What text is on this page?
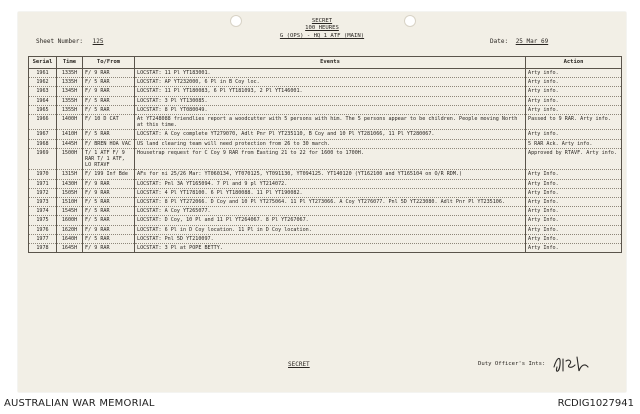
SECRET
100 HEURES
G (OPS) - HQ 1 ATF (MAIN)
Sheet Number: 125	Date: 25 Mar 69
Serial	Time	To/From	Events	Action
1961	1335H	F/ 9 RAR	LOCSTAT: 11 Pl YT183001.	Arty info.
1962	1335H	F/ 5 RAR	LOCSTAT: AP YT232000, 6 Pl in B Coy loc.	Arty info.
1963	1345H	F/ 9 RAR	LOCSTAT: 11 Pl YT180083, 6 Pl YT181093, 2 Pl YT146001.	Arty info.
1964	1355H	F/ 5 RAR	LOCSTAT: 3 Pl YT130085.	Arty info.
1965	1355H	F/ 5 RAR	LOCSTAT: 8 Pl YT080049.	Arty info.
1966	1400H	F/ 10 D CAT	At YT248088 friendlies report a woodcutter with 5 persons with him. The 5 persons appear to be children. People moving North at this time.	Passed to 9 RAR. Arty info.
1967	1410H	F/ 5 RAR	LOCSTAT: A Coy complete YT279070, Adlt Pnr Pl YT235110, B Coy and 10 Pl YT281066, 11 Pl YT280067.	Arty info.
1968	1445H	F/ BREN HOA VAC	US land clearing team will need protection from 26 to 30 march.	5 RAR Ack. Arty info.
1969	1500H	T/ 1 ATF F/ 9 RAR T/ 1 ATF, LO RTAVF	Housetrap request for C Coy 9 RAR from Easting 21 to 22 for 1600 to 1700H.	Approved by RTAVF. Arty info.
1970	1315H	F/ 199 Inf Bde	AFs for ni 25/26 Mar: YT060134, YT070125, YT091130, YT094125. YT140120 (YT162100 and YT165104 on O/R RDM.)	Arty Info.
1971	1430H	F/ 9 RAR	LOCSTAT: Pnl 3A YT165094. 7 Pl and 9 pl YT214072.	Arty Info.
1972	1505H	F/ 9 RAR	LOCSTAT: 4 Pl YT178100. 6 Pl YT180088. 11 Pl YT190082.	Arty Info.
1973	1510H	F/ 5 RAR	LOCSTAT: 8 Pl YT272066. D Coy and 10 Pl YT275064. 11 Pl YT273066. A Coy YT276077. Pnl 5D YT223080. Adlt Pnr Pl YT235106.	Arty Info.
1974	1545H	F/ 5 RAR	LOCSTAT: A Coy YT265077.	Arty Info.
1975	1600H	F/ 5 RAR	LOCSTAT: D Coy, 10 Pl and 11 Pl YT264067. 8 Pl YT267067.	Arty Info.
1976	1620H	F/ 9 RAR	LOCSTAT: 6 Pl in D Coy location. 11 Pl in D Coy location.	Arty Info.
1977	1640H	F/ 5 RAR	LOCSTAT: Pnl 5D YT210097.	Arty Info.
1978	1645H	F/ 9 RAR	LOCSTAT: 3 Pl at POPE BETTY.	Arty Info.
SECRET	Duty Officer's Ints:
AUSTRALIAN WAR MEMORIAL	RCDIG1027941
